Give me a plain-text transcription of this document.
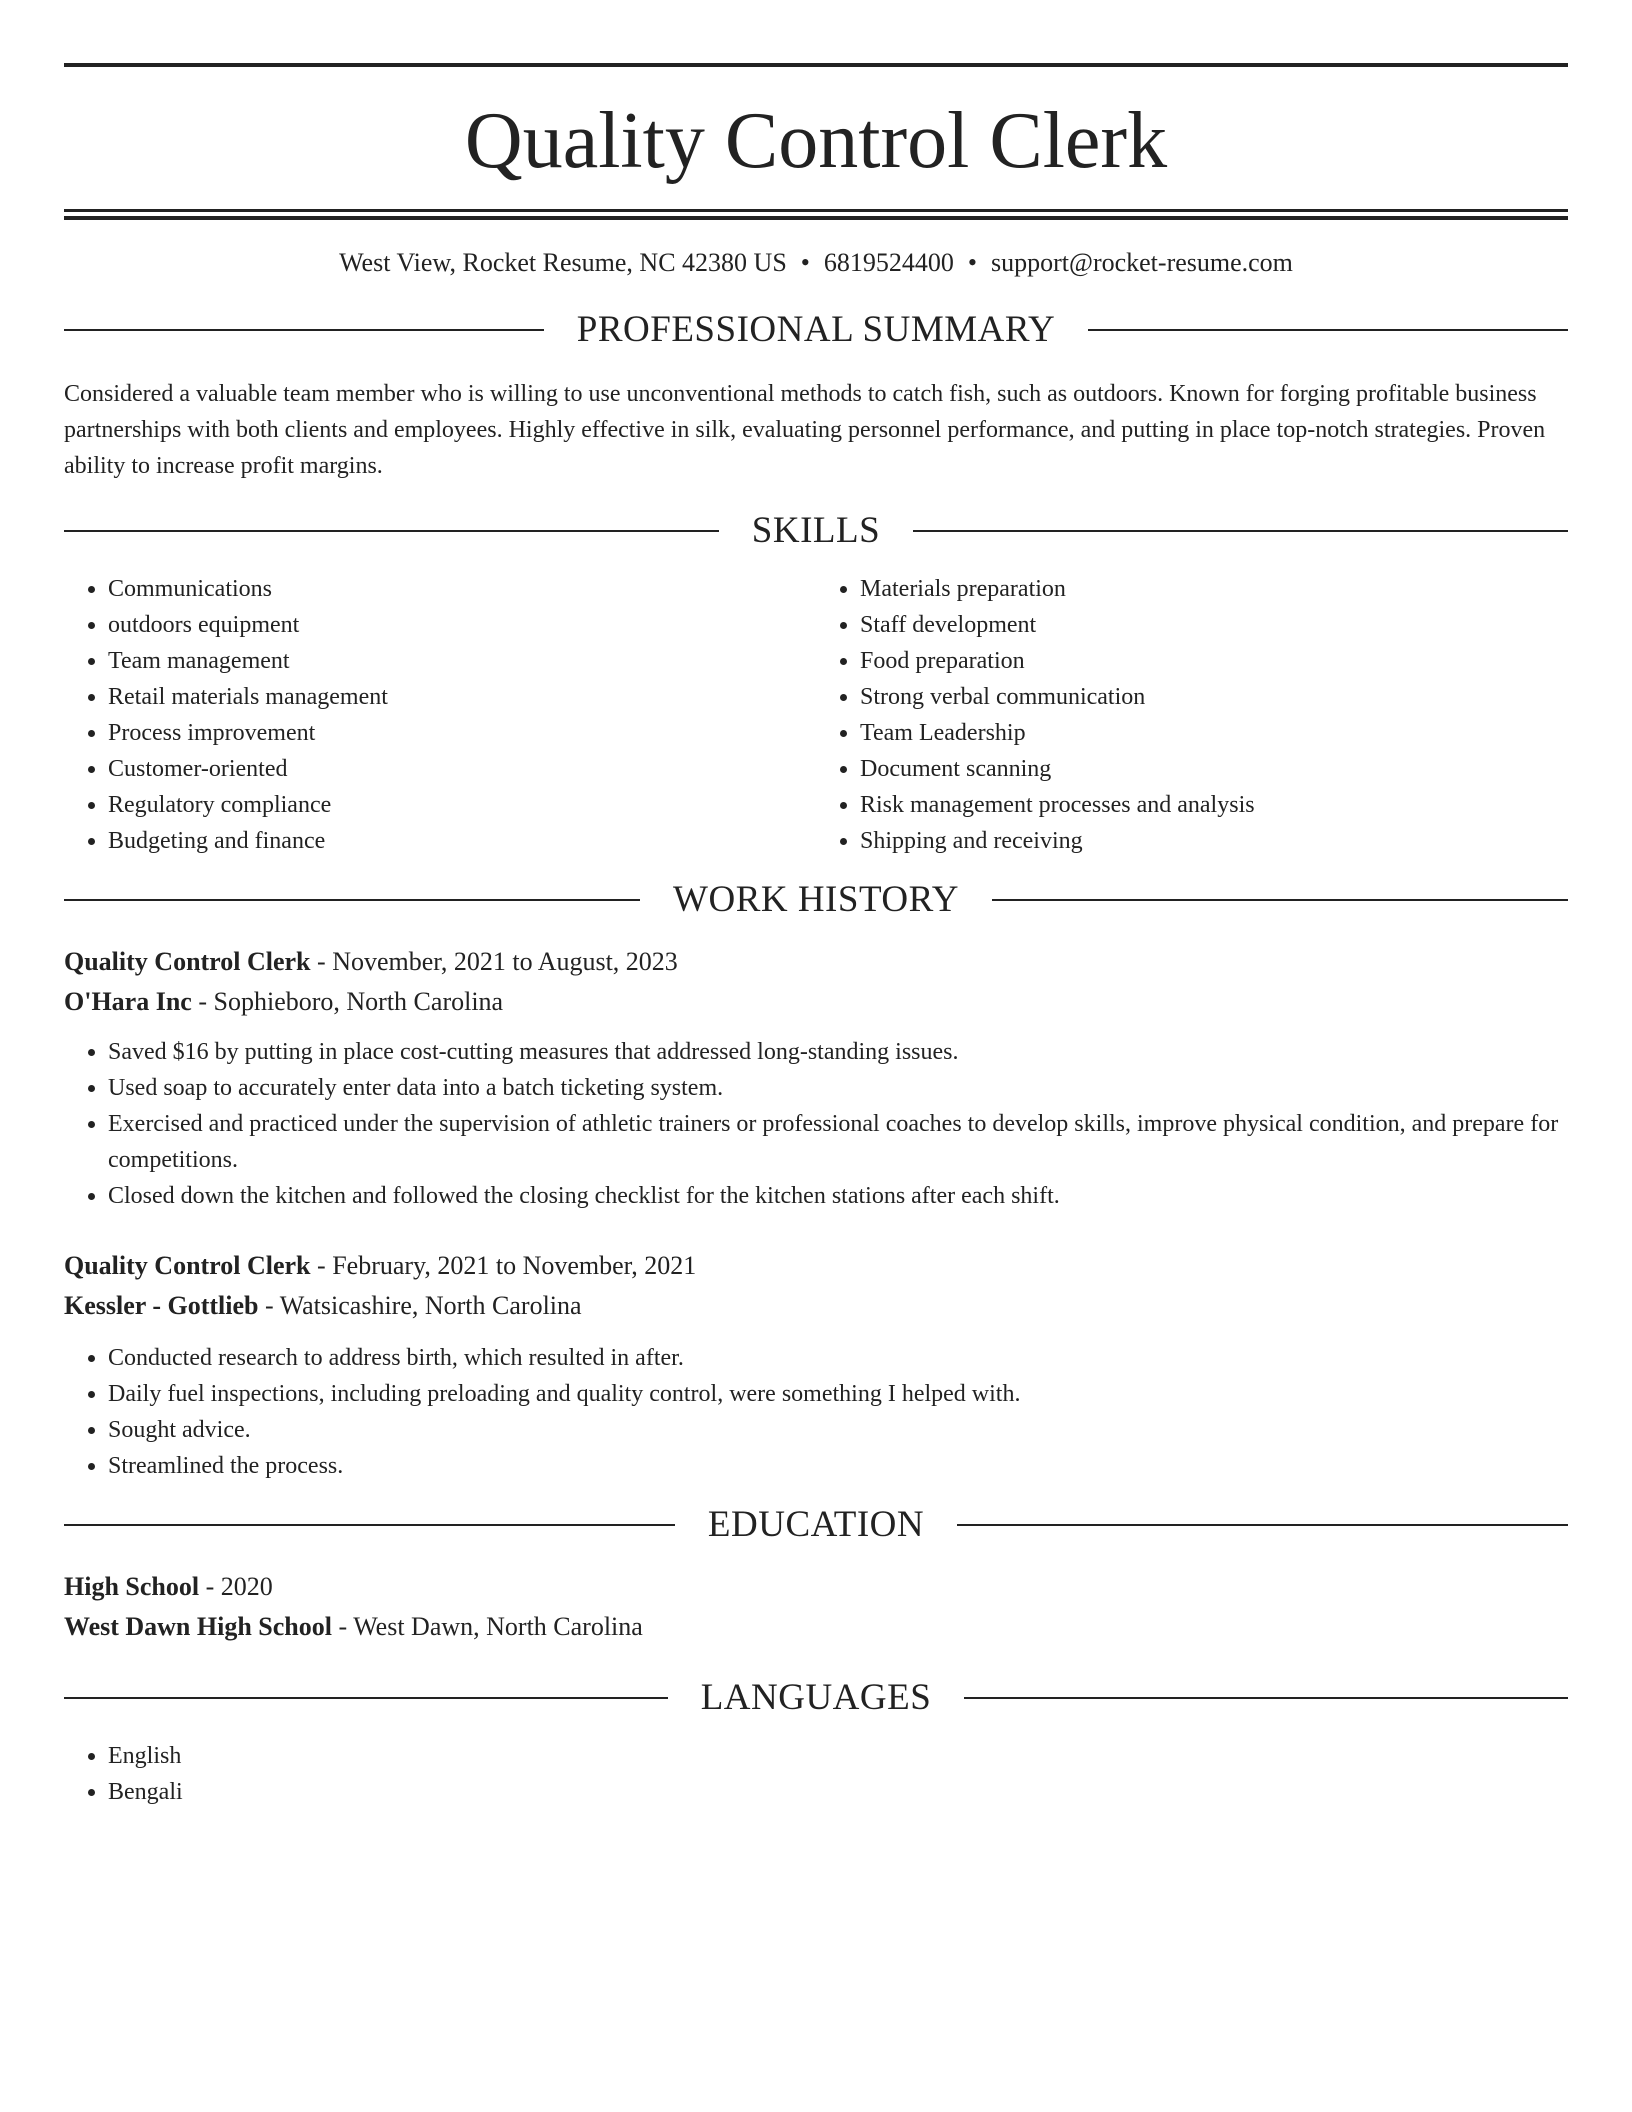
Quality Control Clerk
West View, Rocket Resume, NC 42380 US • 6819524400 • support@rocket-resume.com
PROFESSIONAL SUMMARY

Considered a valuable team member who is willing to use unconventional methods to catch fish, such as outdoors. Known for forging profitable business partnerships with both clients and employees. Highly effective in silk, evaluating personnel performance, and putting in place top-notch strategies. Proven ability to increase profit margins.

SKILLS
• Communications
• outdoors equipment
• Team management
• Retail materials management
• Process improvement
• Customer-oriented
• Regulatory compliance
• Budgeting and finance
• Materials preparation
• Staff development
• Food preparation
• Strong verbal communication
• Team Leadership
• Document scanning
• Risk management processes and analysis
• Shipping and receiving
WORK HISTORY
Quality Control Clerk - November, 2021 to August, 2023
O'Hara Inc - Sophieboro, North Carolina
• Saved $16 by putting in place cost-cutting measures that addressed long-standing issues.
• Used soap to accurately enter data into a batch ticketing system.
• Exercised and practiced under the supervision of athletic trainers or professional coaches to develop skills, improve physical condition, and prepare for competitions.
• Closed down the kitchen and followed the closing checklist for the kitchen stations after each shift.
Quality Control Clerk - February, 2021 to November, 2021
Kessler - Gottlieb - Watsicashire, North Carolina
• Conducted research to address birth, which resulted in after.
• Daily fuel inspections, including preloading and quality control, were something I helped with.
• Sought advice.
• Streamlined the process.
EDUCATION
High School - 2020
West Dawn High School - West Dawn, North Carolina
LANGUAGES
• English
• Bengali
